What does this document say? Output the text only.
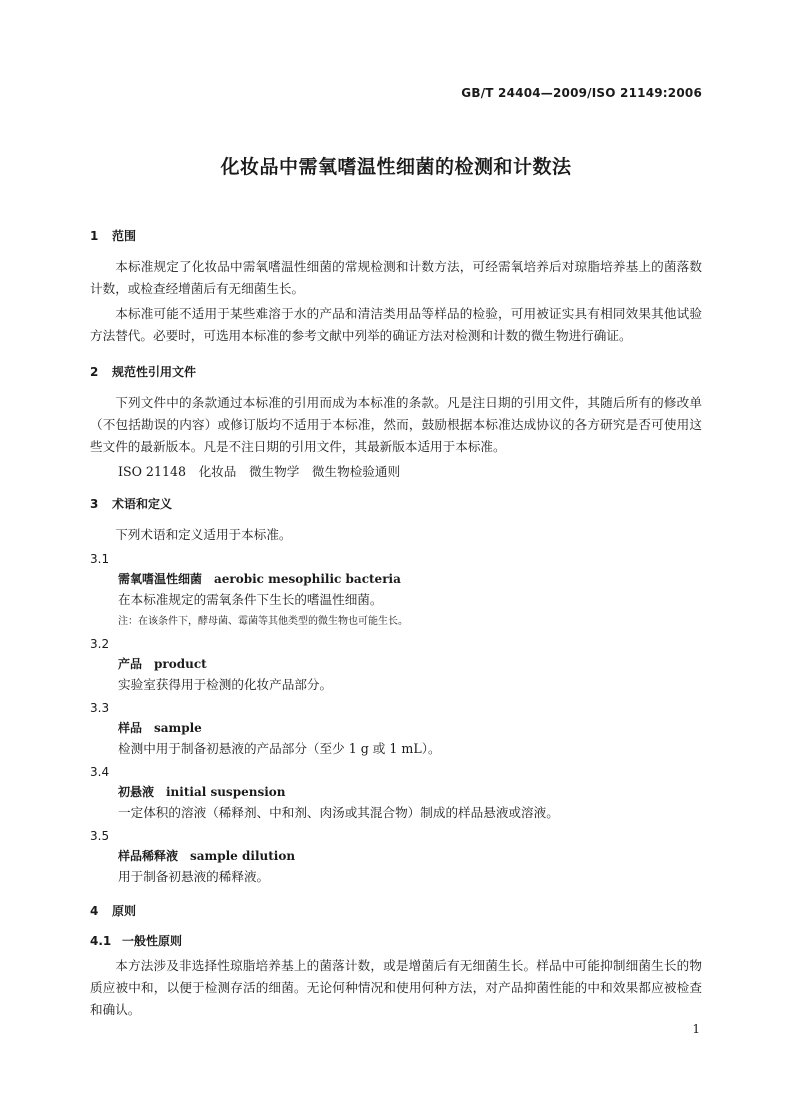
GB/T 24404—2009/ISO 21149:2006
化妆品中需氧嗜温性细菌的检测和计数法
1 范围

本标准规定了化妆品中需氧嗜温性细菌的常规检测和计数方法，可经需氧培养后对琼脂培养基上的菌落数计数，或检查经增菌后有无细菌生长。

本标准可能不适用于某些难溶于水的产品和清洁类用品等样品的检验，可用被证实具有相同效果其他试验方法替代。必要时，可选用本标准的参考文献中列举的确证方法对检测和计数的微生物进行确证。

2 规范性引用文件

下列文件中的条款通过本标准的引用而成为本标准的条款。凡是注日期的引用文件，其随后所有的修改单（不包括勘误的内容）或修订版均不适用于本标准，然而，鼓励根据本标准达成协议的各方研究是否可使用这些文件的最新版本。凡是不注日期的引用文件，其最新版本适用于本标准。

ISO 21148　化妆品　微生物学　微生物检验通则

3 术语和定义

下列术语和定义适用于本标准。

3.1
需氧嗜温性细菌　aerobic mesophilic bacteria
在本标准规定的需氧条件下生长的嗜温性细菌。
注：在该条件下，酵母菌、霉菌等其他类型的微生物也可能生长。
3.2
产品　product
实验室获得用于检测的化妆产品部分。
3.3
样品　sample
检测中用于制备初悬液的产品部分（至少 1 g 或 1 mL）。
3.4
初悬液　initial suspension
一定体积的溶液（稀释剂、中和剂、肉汤或其混合物）制成的样品悬液或溶液。
3.5
样品稀释液　sample dilution
用于制备初悬液的稀释液。
4 原则
4.1 一般性原则

本方法涉及非选择性琼脂培养基上的菌落计数，或是增菌后有无细菌生长。样品中可能抑制细菌生长的物质应被中和，以便于检测存活的细菌。无论何种情况和使用何种方法，对产品抑菌性能的中和效果都应被检查和确认。

1
